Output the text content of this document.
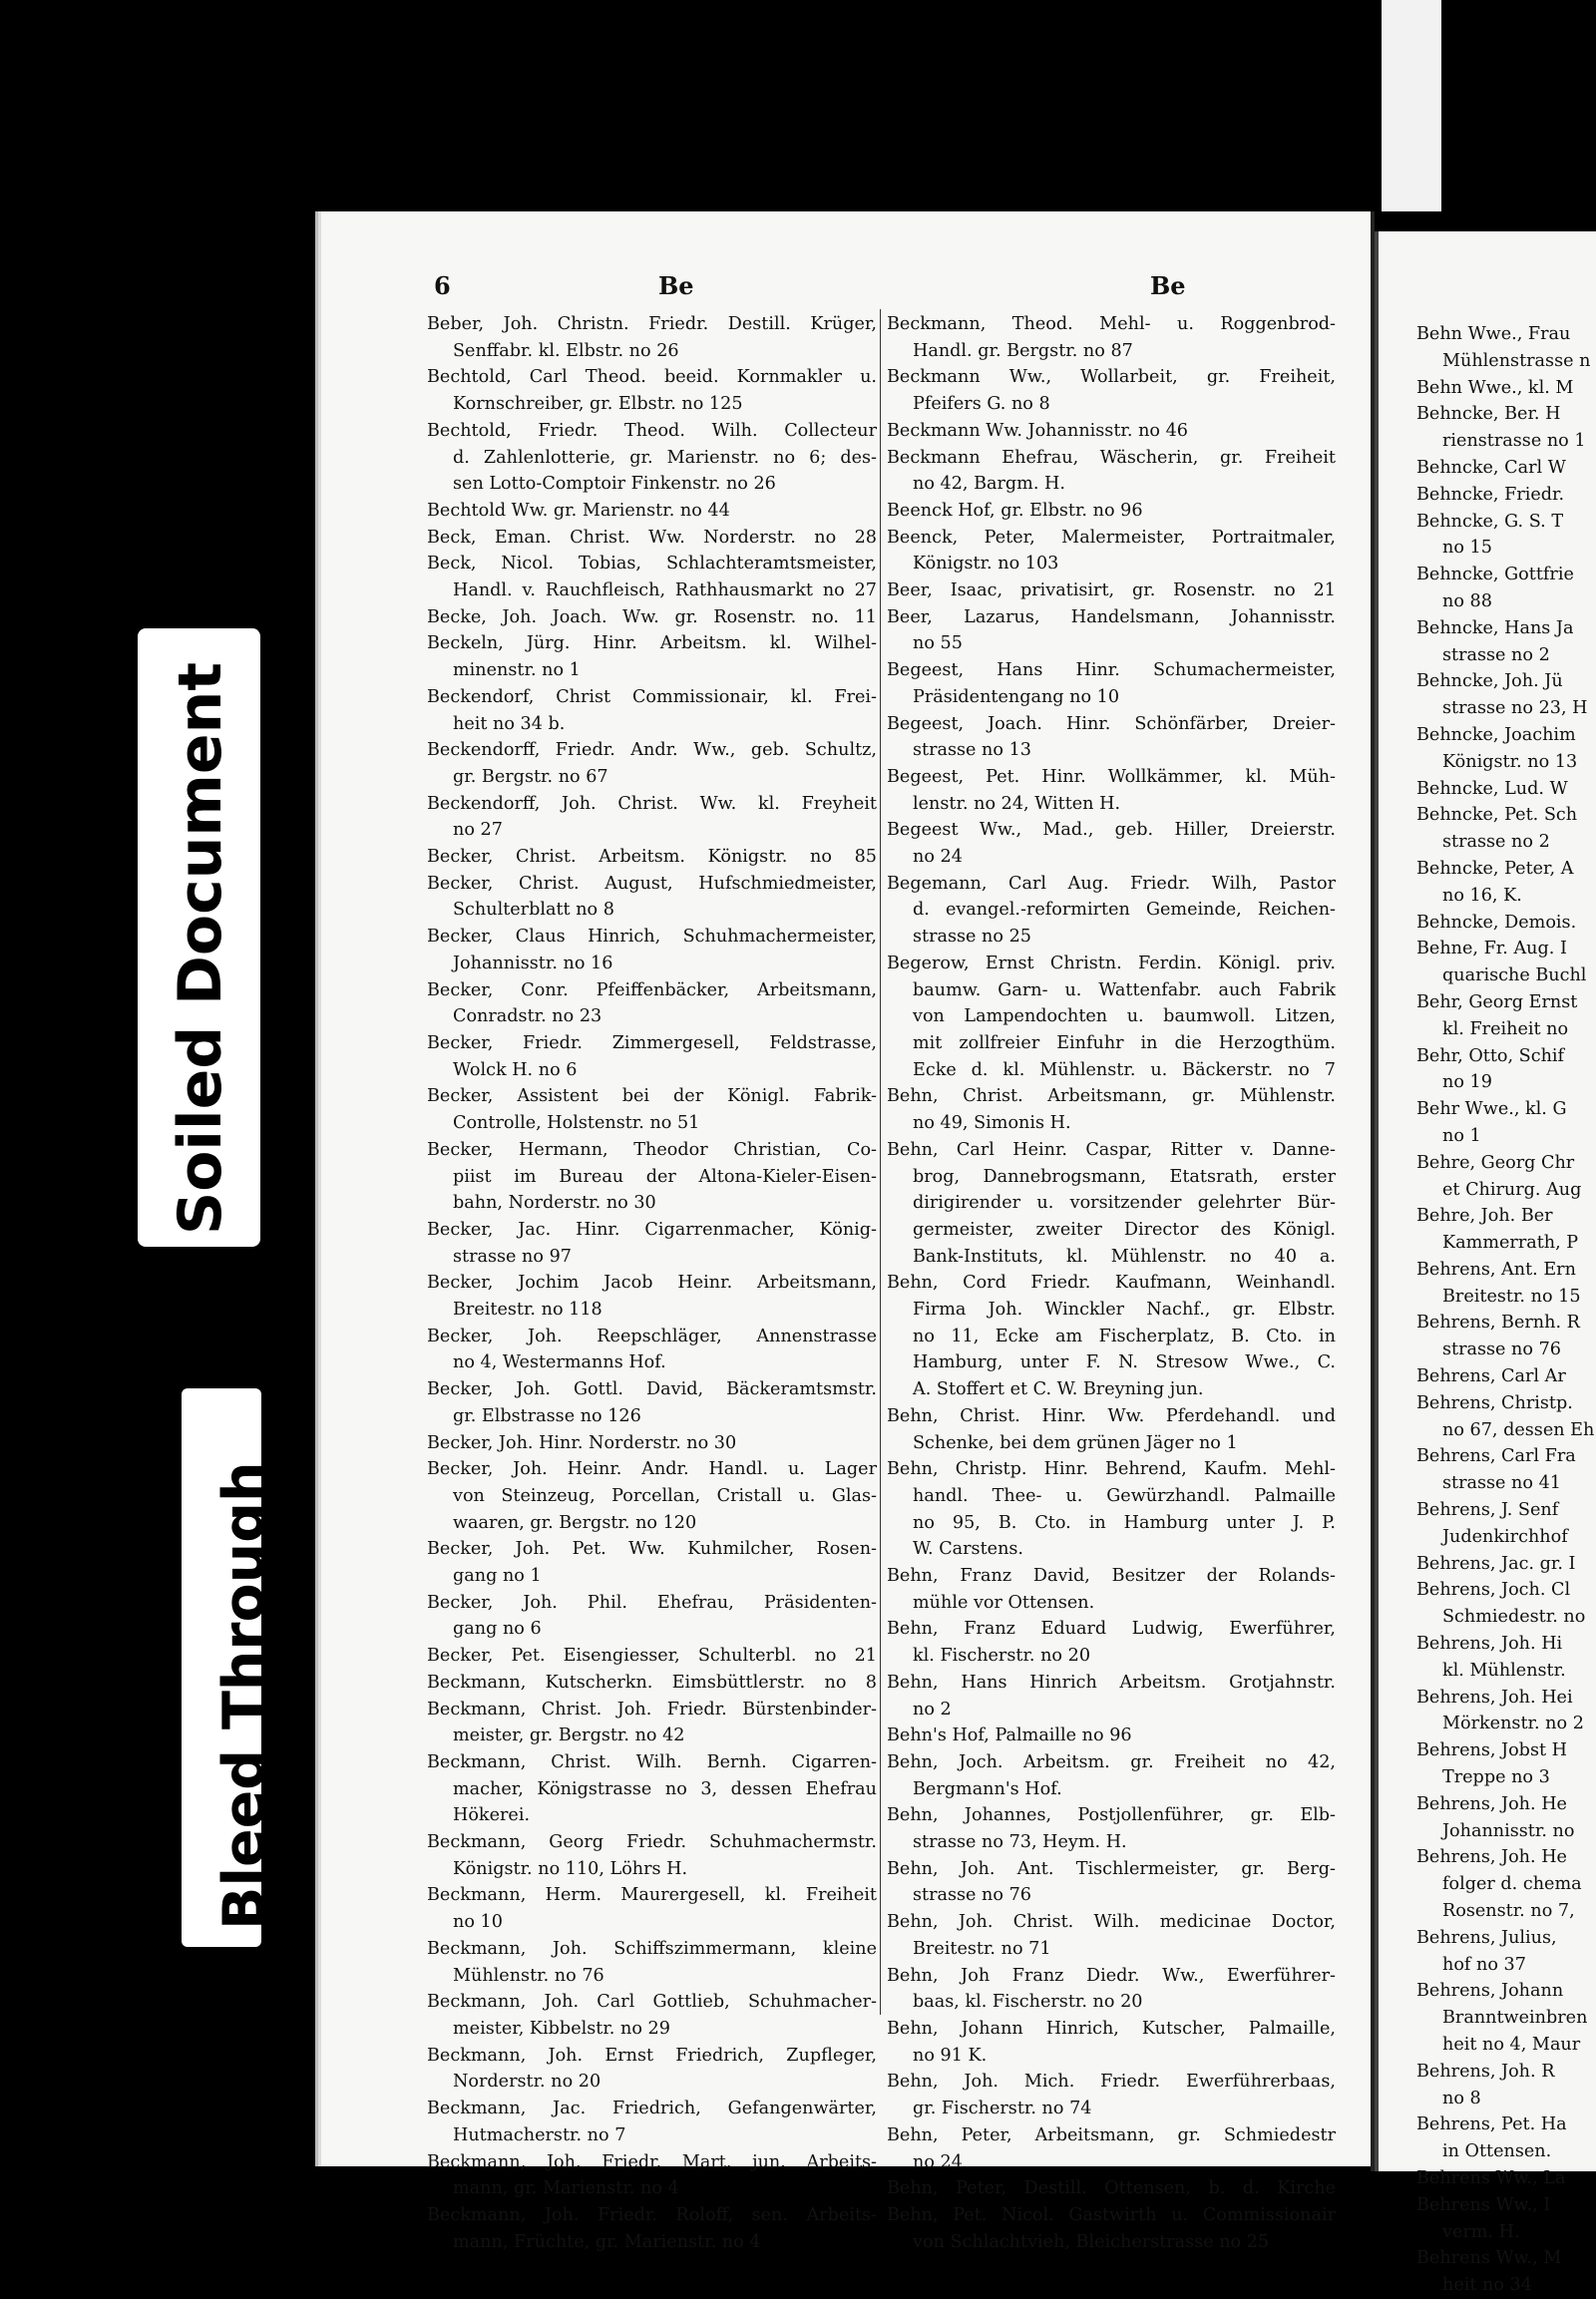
Soiled Document
Bleed Through
6	Be	Be
Beber, Joh. Christn. Friedr. Destill. Krüger,
Senffabr. kl. Elbstr. no 26
Bechtold, Carl Theod. beeid. Kornmakler u.
Kornschreiber, gr. Elbstr. no 125
Bechtold, Friedr. Theod. Wilh. Collecteur
d. Zahlenlotterie, gr. Marienstr. no 6; des-
sen Lotto-Comptoir Finkenstr. no 26
Bechtold Ww. gr. Marienstr. no 44
Beck, Eman. Christ. Ww. Norderstr. no 28
Beck, Nicol. Tobias, Schlachteramtsmeister,
Handl. v. Rauchfleisch, Rathhausmarkt no 27
Becke, Joh. Joach. Ww. gr. Rosenstr. no. 11
Beckeln, Jürg. Hinr. Arbeitsm. kl. Wilhel-
minenstr. no 1
Beckendorf, Christ Commissionair, kl. Frei-
heit no 34 b.
Beckendorff, Friedr. Andr. Ww., geb. Schultz,
gr. Bergstr. no 67
Beckendorff, Joh. Christ. Ww. kl. Freyheit
no 27
Becker, Christ. Arbeitsm. Königstr. no 85
Becker, Christ. August, Hufschmiedmeister,
Schulterblatt no 8
Becker, Claus Hinrich, Schuhmachermeister,
Johannisstr. no 16
Becker, Conr. Pfeiffenbäcker, Arbeitsmann,
Conradstr. no 23
Becker, Friedr. Zimmergesell, Feldstrasse,
Wolck H. no 6
Becker, Assistent bei der Königl. Fabrik-
Controlle, Holstenstr. no 51
Becker, Hermann, Theodor Christian, Co-
piist im Bureau der Altona-Kieler-Eisen-
bahn, Norderstr. no 30
Becker, Jac. Hinr. Cigarrenmacher, König-
strasse no 97
Becker, Jochim Jacob Heinr. Arbeitsmann,
Breitestr. no 118
Becker, Joh. Reepschläger, Annenstrasse
no 4, Westermanns Hof.
Becker, Joh. Gottl. David, Bäckeramtsmstr.
gr. Elbstrasse no 126
Becker, Joh. Hinr. Norderstr. no 30
Becker, Joh. Heinr. Andr. Handl. u. Lager
von Steinzeug, Porcellan, Cristall u. Glas-
waaren, gr. Bergstr. no 120
Becker, Joh. Pet. Ww. Kuhmilcher, Rosen-
gang no 1
Becker, Joh. Phil. Ehefrau, Präsidenten-
gang no 6
Becker, Pet. Eisengiesser, Schulterbl. no 21
Beckmann, Kutscherkn. Eimsbüttlerstr. no 8
Beckmann, Christ. Joh. Friedr. Bürstenbinder-
meister, gr. Bergstr. no 42
Beckmann, Christ. Wilh. Bernh. Cigarren-
macher, Königstrasse no 3, dessen Ehefrau
Hökerei.
Beckmann, Georg Friedr. Schuhmachermstr.
Königstr. no 110, Löhrs H.
Beckmann, Herm. Maurergesell, kl. Freiheit
no 10
Beckmann, Joh. Schiffszimmermann, kleine
Mühlenstr. no 76
Beckmann, Joh. Carl Gottlieb, Schuhmacher-
meister, Kibbelstr. no 29
Beckmann, Joh. Ernst Friedrich, Zupfleger,
Norderstr. no 20
Beckmann, Jac. Friedrich, Gefangenwärter,
Hutmacherstr. no 7
Beckmann, Joh. Friedr. Mart. jun. Arbeits-
mann, gr. Marienstr. no 4
Beckmann, Joh. Friedr. Roloff, sen. Arbeits-
mann, Früchte, gr. Marienstr. no 4
Beckmann, Theod. Mehl- u. Roggenbrod-
Handl. gr. Bergstr. no 87
Beckmann Ww., Wollarbeit, gr. Freiheit,
Pfeifers G. no 8
Beckmann Ww. Johannisstr. no 46
Beckmann Ehefrau, Wäscherin, gr. Freiheit
no 42, Bargm. H.
Beenck Hof, gr. Elbstr. no 96
Beenck, Peter, Malermeister, Portraitmaler,
Königstr. no 103
Beer, Isaac, privatisirt, gr. Rosenstr. no 21
Beer, Lazarus, Handelsmann, Johannisstr.
no 55
Begeest, Hans Hinr. Schumachermeister,
Präsidentengang no 10
Begeest, Joach. Hinr. Schönfärber, Dreier-
strasse no 13
Begeest, Pet. Hinr. Wollkämmer, kl. Müh-
lenstr. no 24, Witten H.
Begeest Ww., Mad., geb. Hiller, Dreierstr.
no 24
Begemann, Carl Aug. Friedr. Wilh, Pastor
d. evangel.-reformirten Gemeinde, Reichen-
strasse no 25
Begerow, Ernst Christn. Ferdin. Königl. priv.
baumw. Garn- u. Wattenfabr. auch Fabrik
von Lampendochten u. baumwoll. Litzen,
mit zollfreier Einfuhr in die Herzogthüm.
Ecke d. kl. Mühlenstr. u. Bäckerstr. no 7
Behn, Christ. Arbeitsmann, gr. Mühlenstr.
no 49, Simonis H.
Behn, Carl Heinr. Caspar, Ritter v. Danne-
brog, Dannebrogsmann, Etatsrath, erster
dirigirender u. vorsitzender gelehrter Bür-
germeister, zweiter Director des Königl.
Bank-Instituts, kl. Mühlenstr. no 40 a.
Behn, Cord Friedr. Kaufmann, Weinhandl.
Firma Joh. Winckler Nachf., gr. Elbstr.
no 11, Ecke am Fischerplatz, B. Cto. in
Hamburg, unter F. N. Stresow Wwe., C.
A. Stoffert et C. W. Breyning jun.
Behn, Christ. Hinr. Ww. Pferdehandl. und
Schenke, bei dem grünen Jäger no 1
Behn, Christp. Hinr. Behrend, Kaufm. Mehl-
handl. Thee- u. Gewürzhandl. Palmaille
no 95, B. Cto. in Hamburg unter J. P.
W. Carstens.
Behn, Franz David, Besitzer der Rolands-
mühle vor Ottensen.
Behn, Franz Eduard Ludwig, Ewerführer,
kl. Fischerstr. no 20
Behn, Hans Hinrich Arbeitsm. Grotjahnstr.
no 2
Behn's Hof, Palmaille no 96
Behn, Joch. Arbeitsm. gr. Freiheit no 42,
Bergmann's Hof.
Behn, Johannes, Postjollenführer, gr. Elb-
strasse no 73, Heym. H.
Behn, Joh. Ant. Tischlermeister, gr. Berg-
strasse no 76
Behn, Joh. Christ. Wilh. medicinae Doctor,
Breitestr. no 71
Behn, Joh Franz Diedr. Ww., Ewerführer-
baas, kl. Fischerstr. no 20
Behn, Johann Hinrich, Kutscher, Palmaille,
no 91 K.
Behn, Joh. Mich. Friedr. Ewerführerbaas,
gr. Fischerstr. no 74
Behn, Peter, Arbeitsmann, gr. Schmiedestr
no 24
Behn, Peter, Destill. Ottensen, b. d. Kirche
Behn, Pet. Nicol. Gastwirth u. Commissionair
von Schlachtvieh, Bleicherstrasse no 25
Behn Wwe., Frau
Mühlenstrasse n
Behn Wwe., kl. M
Behncke, Ber. H
rienstrasse no 1
Behncke, Carl W
Behncke, Friedr.
Behncke, G. S. T
no 15
Behncke, Gottfrie
no 88
Behncke, Hans Ja
strasse no 2
Behncke, Joh. Jü
strasse no 23, H
Behncke, Joachim
Königstr. no 13
Behncke, Lud. W
Behncke, Pet. Sch
strasse no 2
Behncke, Peter, A
no 16, K.
Behncke, Demois.
Behne, Fr. Aug. I
quarische Buchl
Behr, Georg Ernst
kl. Freiheit no
Behr, Otto, Schif
no 19
Behr Wwe., kl. G
no 1
Behre, Georg Chr
et Chirurg. Aug
Behre, Joh. Ber
Kammerrath, P
Behrens, Ant. Ern
Breitestr. no 15
Behrens, Bernh. R
strasse no 76
Behrens, Carl Ar
Behrens, Christp.
no 67, dessen Eh
Behrens, Carl Fra
strasse no 41
Behrens, J. Senf
Judenkirchhof
Behrens, Jac. gr. I
Behrens, Joch. Cl
Schmiedestr. no
Behrens, Joh. Hi
kl. Mühlenstr.
Behrens, Joh. Hei
Mörkenstr. no 2
Behrens, Jobst H
Treppe no 3
Behrens, Joh. He
Johannisstr. no
Behrens, Joh. He
folger d. chema
Rosenstr. no 7,
Behrens, Julius,
hof no 37
Behrens, Johann
Branntweinbren
heit no 4, Maur
Behrens, Joh. R
no 8
Behrens, Pet. Ha
in Ottensen.
Behrens Ww., La
Behrens Ww., I
verm. H.
Behrens Ww., M
heit no 34
